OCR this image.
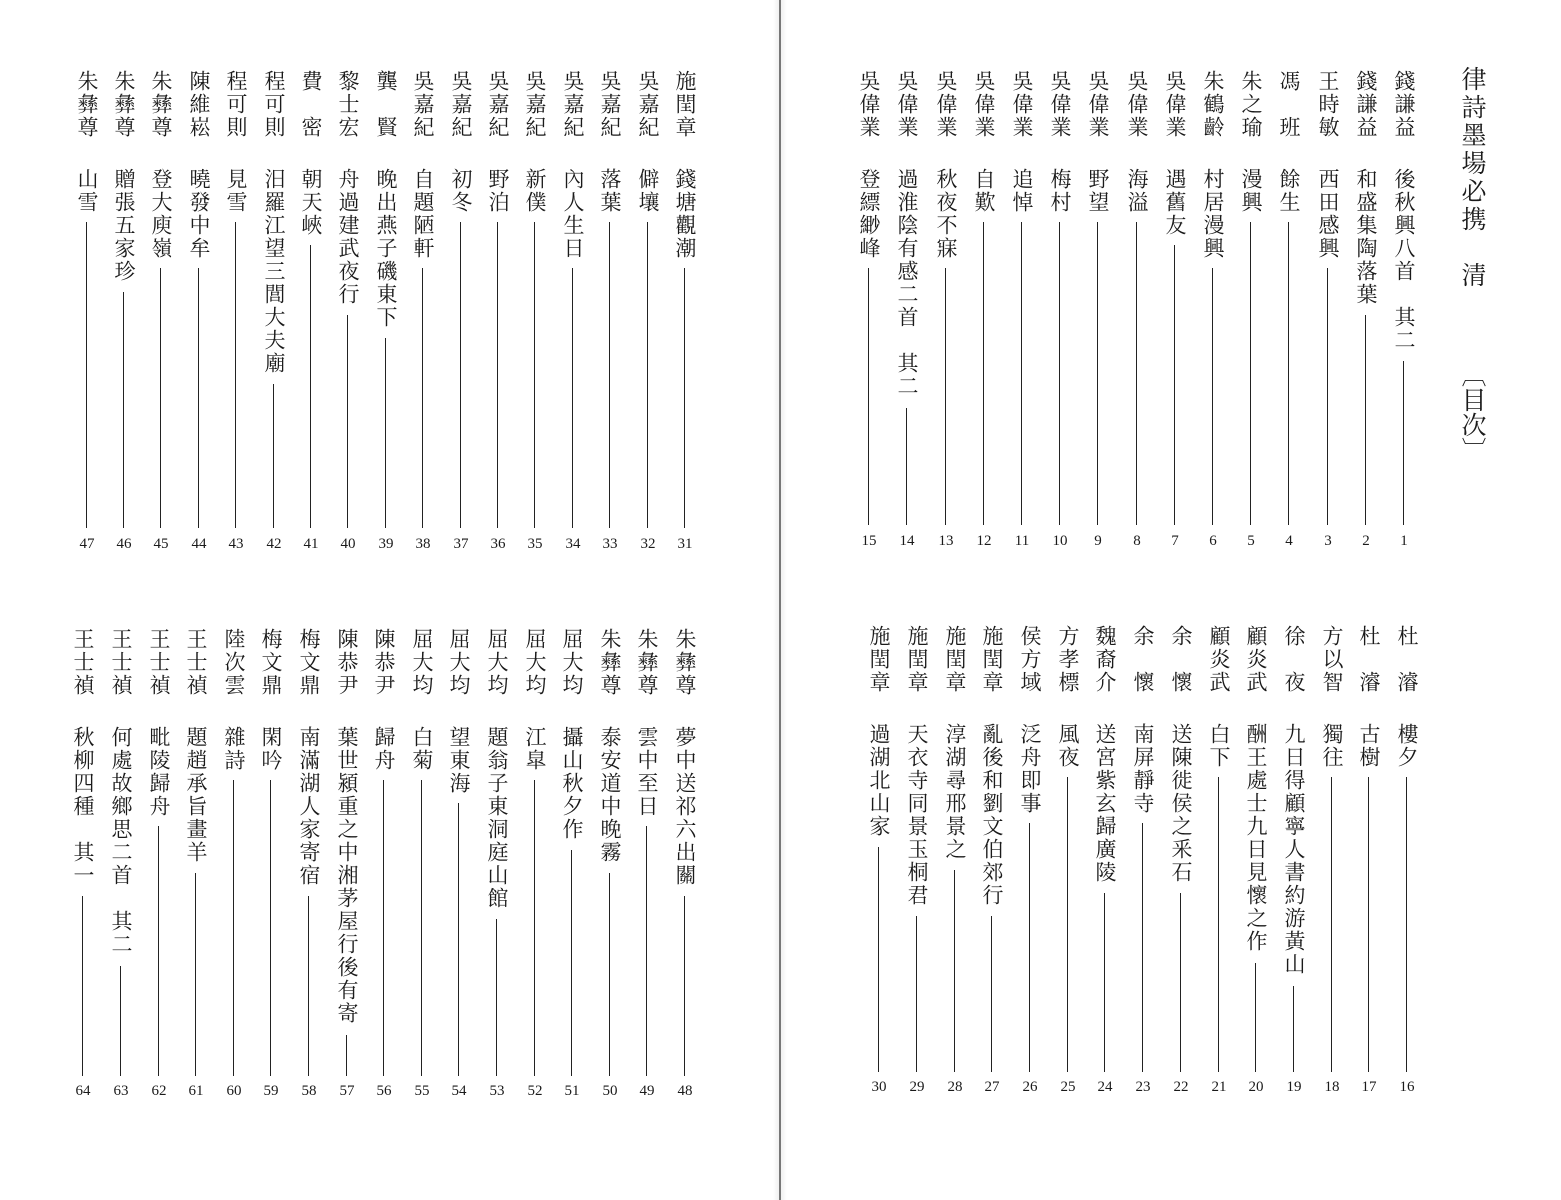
律詩墨場必携　清
〔目次〕
錢謙益
後秋興八首　其二
1
錢謙益
和盛集陶落葉
2
王時敏
西田感興
3
馮　班
餘生
4
朱之瑜
漫興
5
朱鶴齡
村居漫興
6
吳偉業
遇舊友
7
吳偉業
海溢
8
吳偉業
野望
9
吳偉業
梅村
10
吳偉業
追悼
11
吳偉業
自歎
12
吳偉業
秋夜不寐
13
吳偉業
過淮陰有感二首　其二
14
吳偉業
登縹緲峰
15
杜　濬
樓夕
16
杜　濬
古樹
17
方以智
獨往
18
徐　夜
九日得顧寧人書約游黃山
19
顧炎武
酬王處士九日見懷之作
20
顧炎武
白下
21
余　懷
送陳徙侯之釆石
22
余　懷
南屏靜寺
23
魏裔介
送宮紫玄歸廣陵
24
方孝標
風夜
25
侯方域
泛舟即事
26
施閏章
亂後和劉文伯郊行
27
施閏章
淳湖尋邢景之
28
施閏章
天衣寺同景玉桐君
29
施閏章
過湖北山家
30
施閏章
錢塘觀潮
31
吳嘉紀
僻壤
32
吳嘉紀
落葉
33
吳嘉紀
內人生日
34
吳嘉紀
新僕
35
吳嘉紀
野泊
36
吳嘉紀
初冬
37
吳嘉紀
自題陋軒
38
龔　賢
晚出燕子磯東下
39
黎士宏
舟過建武夜行
40
費　密
朝天峽
41
程可則
汨羅江望三閭大夫廟
42
程可則
見雪
43
陳維崧
曉發中牟
44
朱彝尊
登大庾嶺
45
朱彝尊
贈張五家珍
46
朱彝尊
山雪
47
朱彝尊
夢中送祁六出關
48
朱彝尊
雲中至日
49
朱彝尊
泰安道中晚霧
50
屈大均
攝山秋夕作
51
屈大均
江皐
52
屈大均
題翁子東洞庭山館
53
屈大均
望東海
54
屈大均
白菊
55
陳恭尹
歸舟
56
陳恭尹
葉世潁重之中湘茅屋行後有寄
57
梅文鼎
南滿湖人家寄宿
58
梅文鼎
閑吟
59
陸次雲
雜詩
60
王士禎
題趙承旨畫羊
61
王士禎
毗陵歸舟
62
王士禎
何處故鄉思二首　其二
63
王士禎
秋柳四種　其一
64
